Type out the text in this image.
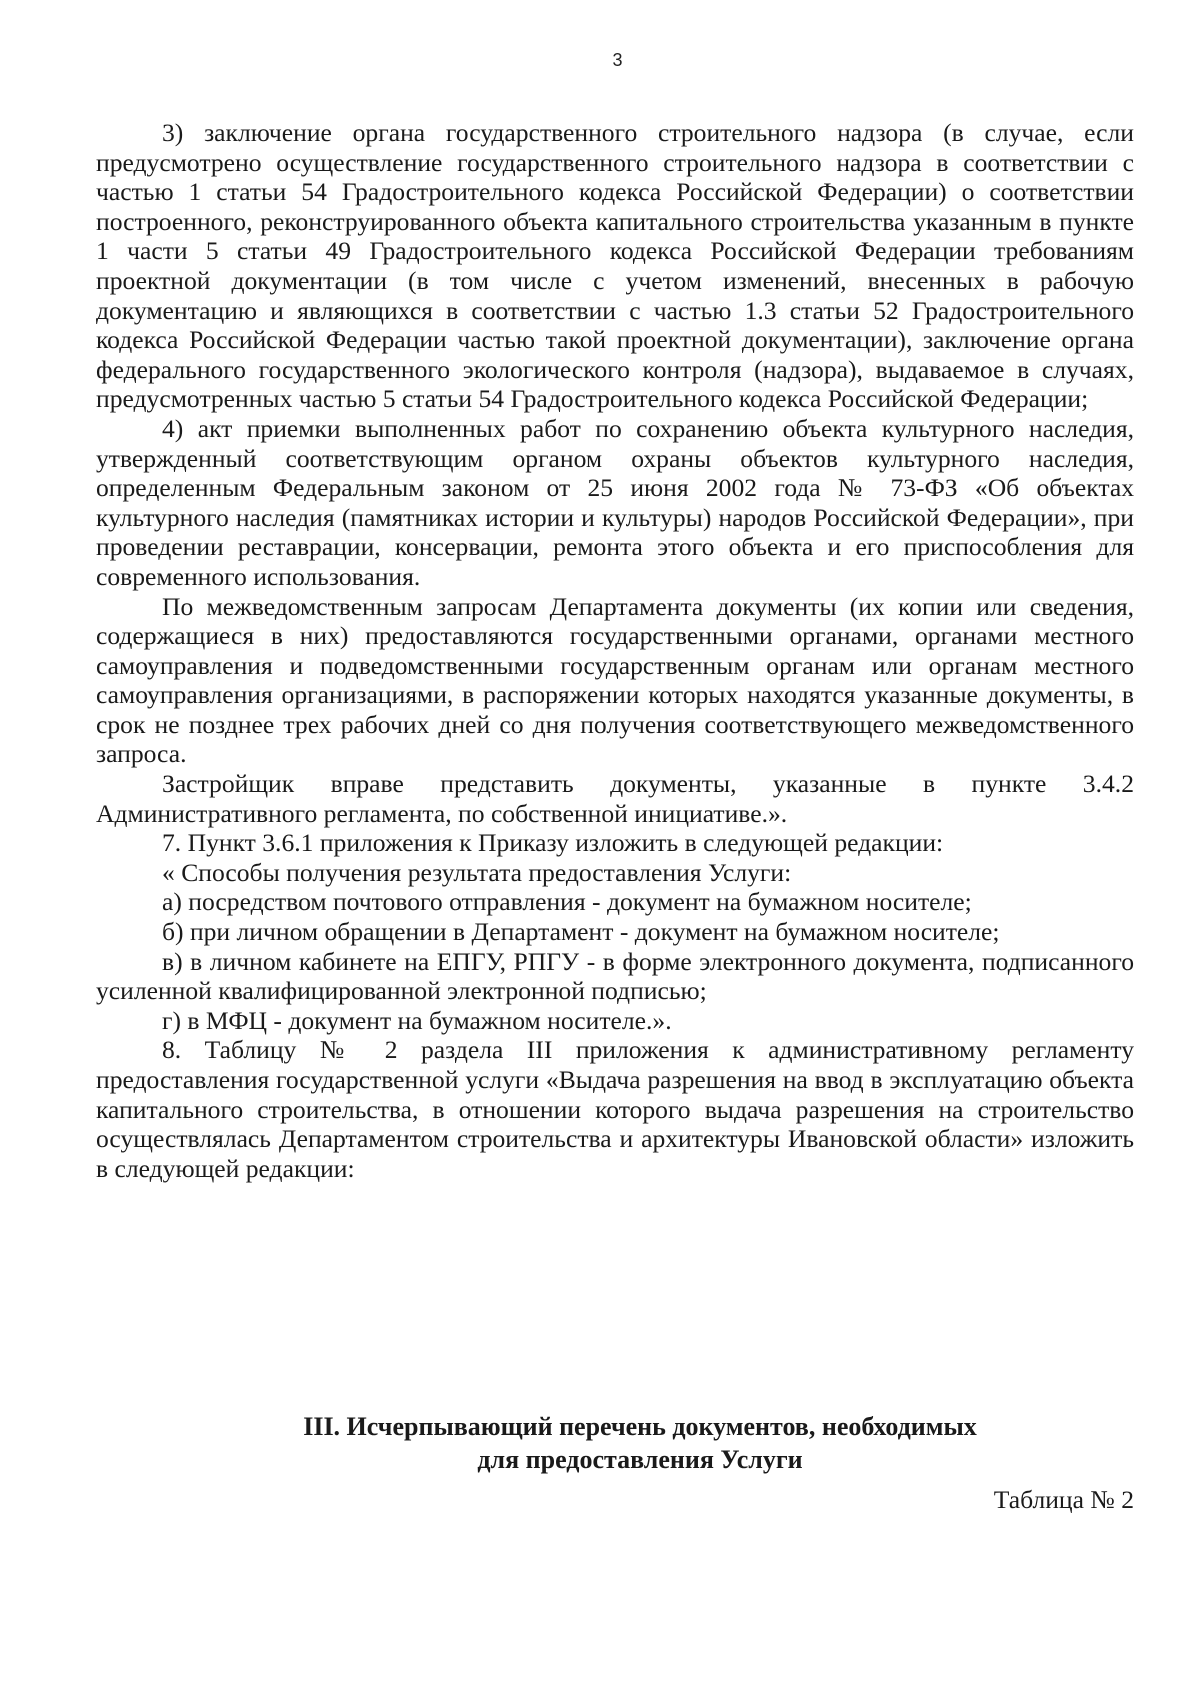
3

3) заключение органа государственного строительного надзора (в случае, если предусмотрено осуществление государственного строительного надзора в соответствии с частью 1 статьи 54 Градостроительного кодекса Российской Федерации) о соответствии построенного, реконструированного объекта капитального строительства указанным в пункте 1 части 5 статьи 49 Градостроительного кодекса Российской Федерации требованиям проектной документации (в том числе с учетом изменений, внесенных в рабочую документацию и являющихся в соответствии с частью 1.3 статьи 52 Градостроительного кодекса Российской Федерации частью такой проектной документации), заключение органа федерального государственного экологического контроля (надзора), выдаваемое в случаях, предусмотренных частью 5 статьи 54 Градостроительного кодекса Российской Федерации;

4) акт приемки выполненных работ по сохранению объекта культурного наследия, утвержденный соответствующим органом охраны объектов культурного наследия, определенным Федеральным законом от 25 июня 2002 года № 73-ФЗ «Об объектах культурного наследия (памятниках истории и культуры) народов Российской Федерации», при проведении реставрации, консервации, ремонта этого объекта и его приспособления для современного использования.

По межведомственным запросам Департамента документы (их копии или сведения, содержащиеся в них) предоставляются государственными органами, органами местного самоуправления и подведомственными государственным органам или органам местного самоуправления организациями, в распоряжении которых находятся указанные документы, в срок не позднее трех рабочих дней со дня получения соответствующего межведомственного запроса.

Застройщик вправе представить документы, указанные в пункте 3.4.2 Административного регламента, по собственной инициативе.».

7. Пункт 3.6.1 приложения к Приказу изложить в следующей редакции:

« Способы получения результата предоставления Услуги:

а) посредством почтового отправления - документ на бумажном носителе;

б) при личном обращении в Департамент - документ на бумажном носителе;

в) в личном кабинете на ЕПГУ, РПГУ - в форме электронного документа, подписанного усиленной квалифицированной электронной подписью;

г) в МФЦ - документ на бумажном носителе.».

8. Таблицу № 2 раздела III приложения к административному регламенту предоставления государственной услуги «Выдача разрешения на ввод в эксплуатацию объекта капитального строительства, в отношении которого выдача разрешения на строительство осуществлялась Департаментом строительства и архитектуры Ивановской области» изложить в следующей редакции:

III. Исчерпывающий перечень документов, необходимых
для предоставления Услуги
Таблица № 2
